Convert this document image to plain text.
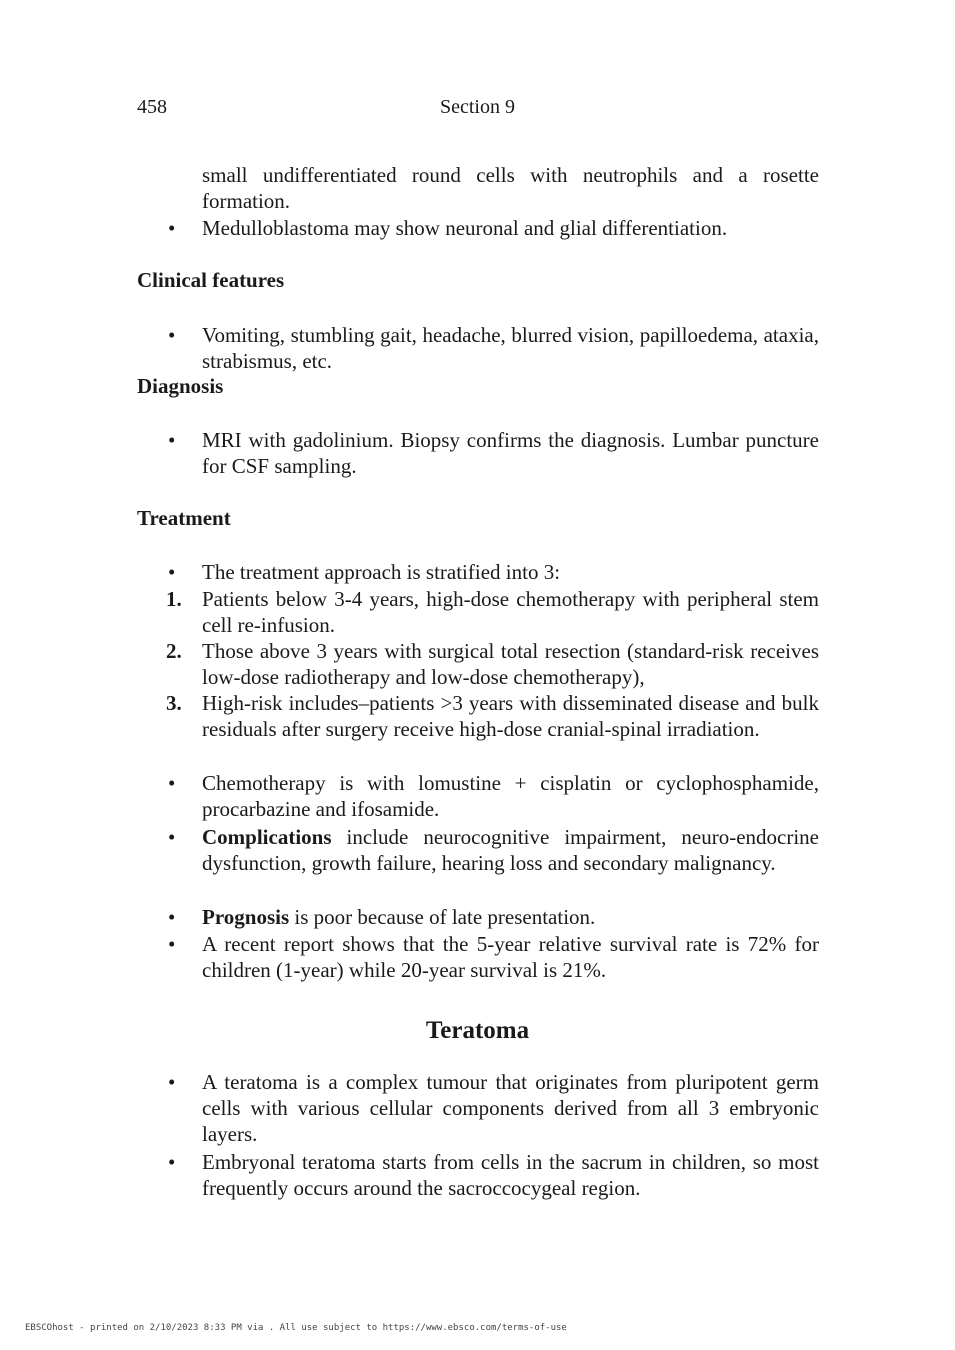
458	Section 9
small undifferentiated round cells with neutrophils and a rosette formation.
•	Medulloblastoma may show neuronal and glial differentiation.
Clinical features
•	Vomiting, stumbling gait, headache, blurred vision, papilloedema, ataxia, strabismus, etc.
Diagnosis
•	MRI with gadolinium. Biopsy confirms the diagnosis. Lumbar puncture for CSF sampling.
Treatment
•	The treatment approach is stratified into 3:
1. Patients below 3-4 years, high-dose chemotherapy with peripheral stem cell re-infusion.
2. Those above 3 years with surgical total resection (standard-risk receives low-dose radiotherapy and low-dose chemotherapy),
3. High-risk includes–patients >3 years with disseminated disease and bulk residuals after surgery receive high-dose cranial-spinal irradiation.
•	Chemotherapy is with lomustine + cisplatin or cyclophosphamide, procarbazine and ifosamide.
•	Complications include neurocognitive impairment, neuro-endocrine dysfunction, growth failure, hearing loss and secondary malignancy.
•	Prognosis is poor because of late presentation.
•	A recent report shows that the 5-year relative survival rate is 72% for children (1-year) while 20-year survival is 21%.
Teratoma
•	A teratoma is a complex tumour that originates from pluripotent germ cells with various cellular components derived from all 3 embryonic layers.
•	Embryonal teratoma starts from cells in the sacrum in children, so most frequently occurs around the sacroccocygeal region.
EBSCOhost - printed on 2/10/2023 8:33 PM via . All use subject to https://www.ebsco.com/terms-of-use
